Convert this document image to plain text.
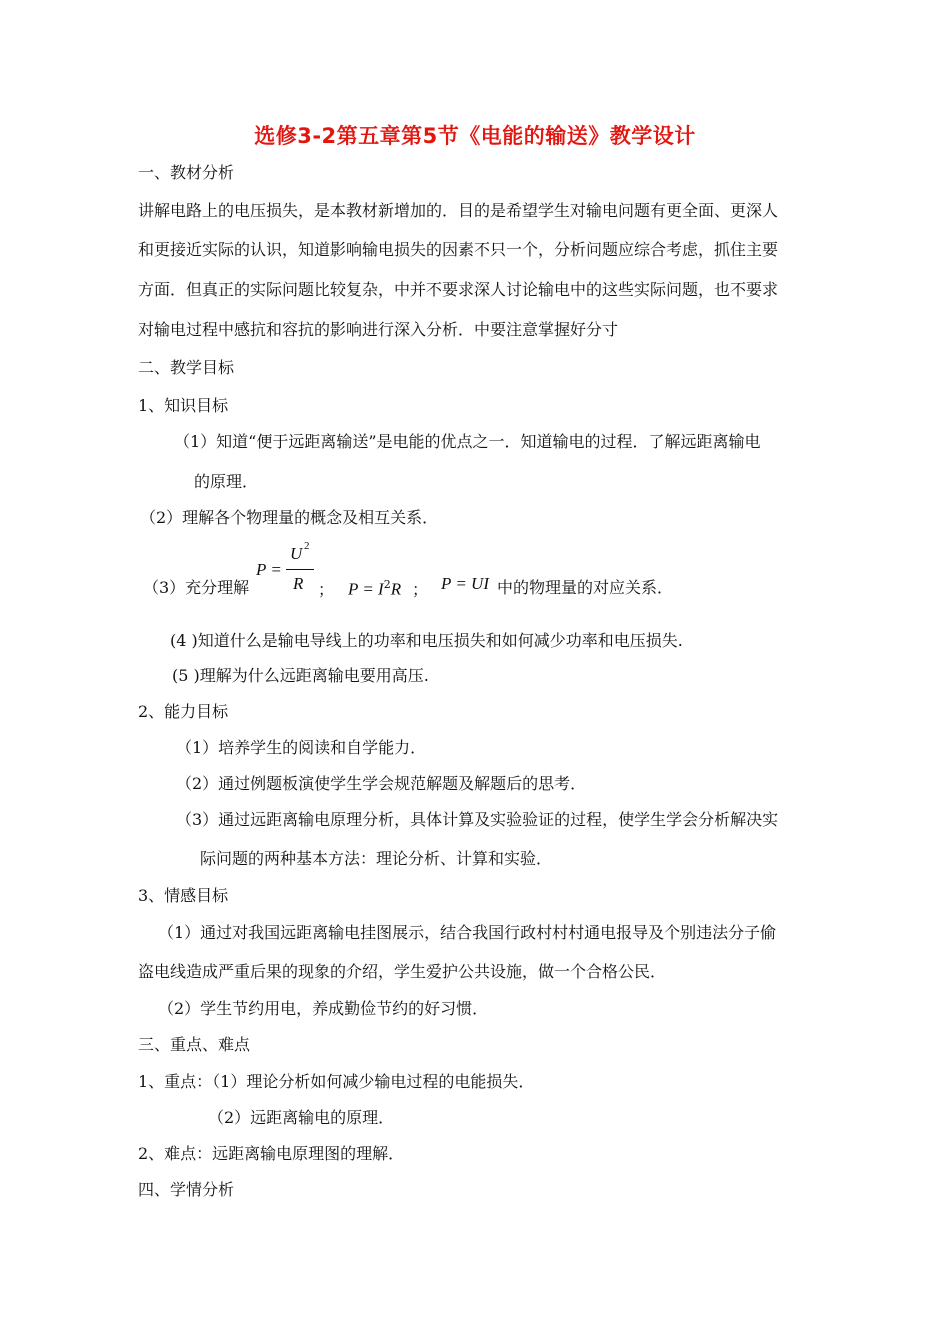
选修3-2第五章第5节《电能的输送》教学设计
一、教材分析
讲解电路上的电压损失，是本教材新增加的．目的是希望学生对输电问题有更全面、更深人
和更接近实际的认识，知道影响输电损失的因素不只一个，分析问题应综合考虑，抓住主要
方面．但真正的实际问题比较复杂，中并不要求深人讨论输电中的这些实际问题，也不要求
对输电过程中感抗和容抗的影响进行深入分析．中要注意掌握好分寸
二、教学目标
1、知识目标
（1）知道“便于远距离输送”是电能的优点之一．知道输电的过程．了解远距离输电
的原理．
（2）理解各个物理量的概念及相互关系．
（3）充分理解
P =
U 2
R ； $P = I^2R$ ； P = UI 中的物理量的对应关系．
(4 )知道什么是输电导线上的功率和电压损失和如何减少功率和电压损失.
(5 )理解为什么远距离输电要用高压.
2、能力目标
（1）培养学生的阅读和自学能力．
（2）通过例题板演使学生学会规范解题及解题后的思考．
（3）通过远距离输电原理分析，具体计算及实验验证的过程，使学生学会分析解决实
际问题的两种基本方法：理论分析、计算和实验．
3、情感目标
（1）通过对我国远距离输电挂图展示，结合我国行政村村村通电报导及个别违法分子偷
盗电线造成严重后果的现象的介绍，学生爱护公共设施，做一个合格公民．
（2）学生节约用电，养成勤俭节约的好习惯．
三、重点、难点
1、重点：（1）理论分析如何减少输电过程的电能损失．
（2）远距离输电的原理．
2、难点：远距离输电原理图的理解．
四、学情分析
